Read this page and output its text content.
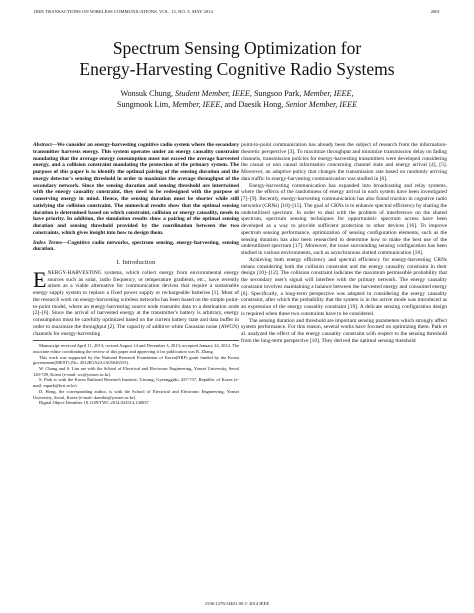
IEEE TRANSACTIONS ON WIRELESS COMMUNICATIONS, VOL. 13, NO. 5, MAY 2014	2601
Spectrum Sensing Optimization for
Energy-Harvesting Cognitive Radio Systems
Wonsuk Chung, Student Member, IEEE, Sungsoo Park, Member, IEEE,
Sungmook Lim, Member, IEEE, and Daesik Hong, Senior Member, IEEE

Abstract—We consider an energy-harvesting cognitive radio system where the secondary transmitter harvests energy. This system operates under an energy causality constraint mandating that the average energy consumption must not exceed the average harvested energy, and a collision constraint mandating the protection of the primary system. The purpose of this paper is to identify the optimal pairing of the sensing duration and the energy detector's sensing threshold in order to maximize the average throughput of the secondary network. Since the sensing duration and sensing threshold are intertwined with the energy causality constraint, they need to be redesigned with the purpose of conserving energy in mind. Hence, the sensing duration must be shorter while still satisfying the collision constraint. The numerical results show that the optimal sensing duration is determined based on which constraint, collision or energy causality, needs to have priority. In addition, the simulation results show a pairing of the optimal sensing duration and sensing threshold provided by the coordination between the two constraints, which gives insight into how to design them.

Index Terms—Cognitive radio networks, spectrum sensing, energy-harvesting, sensing duration.

I. Introduction

ENERGY-HARVESTING systems, which collect energy from environmental energy sources such as solar, radio frequency, or temperature gradients, etc., have recently arisen as a viable alternative for communication devices that require a sustainable energy supply system to replace a fixed power supply or rechargeable batteries [1]. Most of the research work on energy-harvesting wireless networks has been based on the simple point-to-point model, where an energy-harvesting source node transmits data to a destination node [2]–[6]. Since the arrival of harvested energy at the transmitter's battery is arbitrary, energy consumption must be carefully optimized based on the current battery state and data buffer in order to maximize the throughput [2]. The capacity of additive white Gaussian noise (AWGN) channels for energy-harvesting

Manuscript received April 11, 2013; revised August 14 and December 3, 2013; accepted January 24, 2014. The associate editor coordinating the review of this paper and approving it for publication was R. Zhang.

This work was supported by the National Research Foundation of Korea(NRF) grant funded by the Korea government(MEST) (No. 2012R1A2A1A05026315).

W. Chung and S. Lim are with the School of Electrical and Electronic Engineering, Yonsei University, Seoul 120-749, Korea (e-mail: ws@yonsei.ac.kr).

S. Park is with the Korea Railroad Research Institute, Uiwang, Gyeonggido, 437-757, Republic of Korea (e-mail: sspark@krri.re.kr).

D. Hong, the corresponding author, is with the School of Electrical and Electronic Engineering, Yonsei University, Seoul, Korea (e-mail: daesikh@yonsei.ac.kr).

Digital Object Identifier 10.1109/TWC.2014.032514.130637

point-to-point communication has already been the subject of research from the information-theoretic perspective [3]. To maximize throughput and minimize transmission delay on fading channels, transmission policies for energy-harvesting transmitters were developed considering the causal or non causal information concerning channel state and energy arrival [4], [5]. Moreover, an adaptive policy that changes the transmission rate based on randomly arriving data traffic in energy-harvesting communication was studied in [6].

Energy-harvesting communication has expanded into broadcasting and relay systems, where the effects of the randomness of energy arrival in each system have been investigated [7]–[9]. Recently, energy-harvesting communication has also found traction in cognitive radio networks (CRNs) [10]–[15]. The goal of CRNs is to enhance spectral efficiency by sharing the underutilized spectrum. In order to deal with the problem of interference on the shared spectrum, spectrum sensing techniques for opportunistic spectrum access have been developed as a way to provide sufficient protection to other devices [16]. To improve spectrum sensing performance, optimization of sensing configuration elements, such as the sensing duration has also been researched to determine how to make the best use of the underutilized spectrum [17]. Moreover, the issue surrounding sensing configuration has been studied in various environments, such as asynchronous slotted communication [18].

Achieving both energy efficiency and spectral efficiency for energy-harvesting CRNs means considering both the collision constraint and the energy causality constraint in their design [10]–[12]. The collision constraint indicates the maximum permissible probability that the secondary user's signal will interfere with the primary network. The energy causality constraint involves maintaining a balance between the harvested energy and consumed energy [6]. Specifically, a long-term perspective was adopted in considering the energy causality constraint, after which the probability that the system is in the active mode was introduced as an expression of the energy causality constraint [19]. A delicate sensing configuration design is required when these two constraints have to be considered.

The sensing duration and threshold are important sensing parameters which strongly affect system performance. For this reason, several works have focused on optimizing them. Park et al. analyzed the effect of the energy causality constraint with respect to the sensing threshold from the long-term perspective [10]. They derived the optimal sensing threshold

1536-1276/14$31.00 © 2014 IEEE
